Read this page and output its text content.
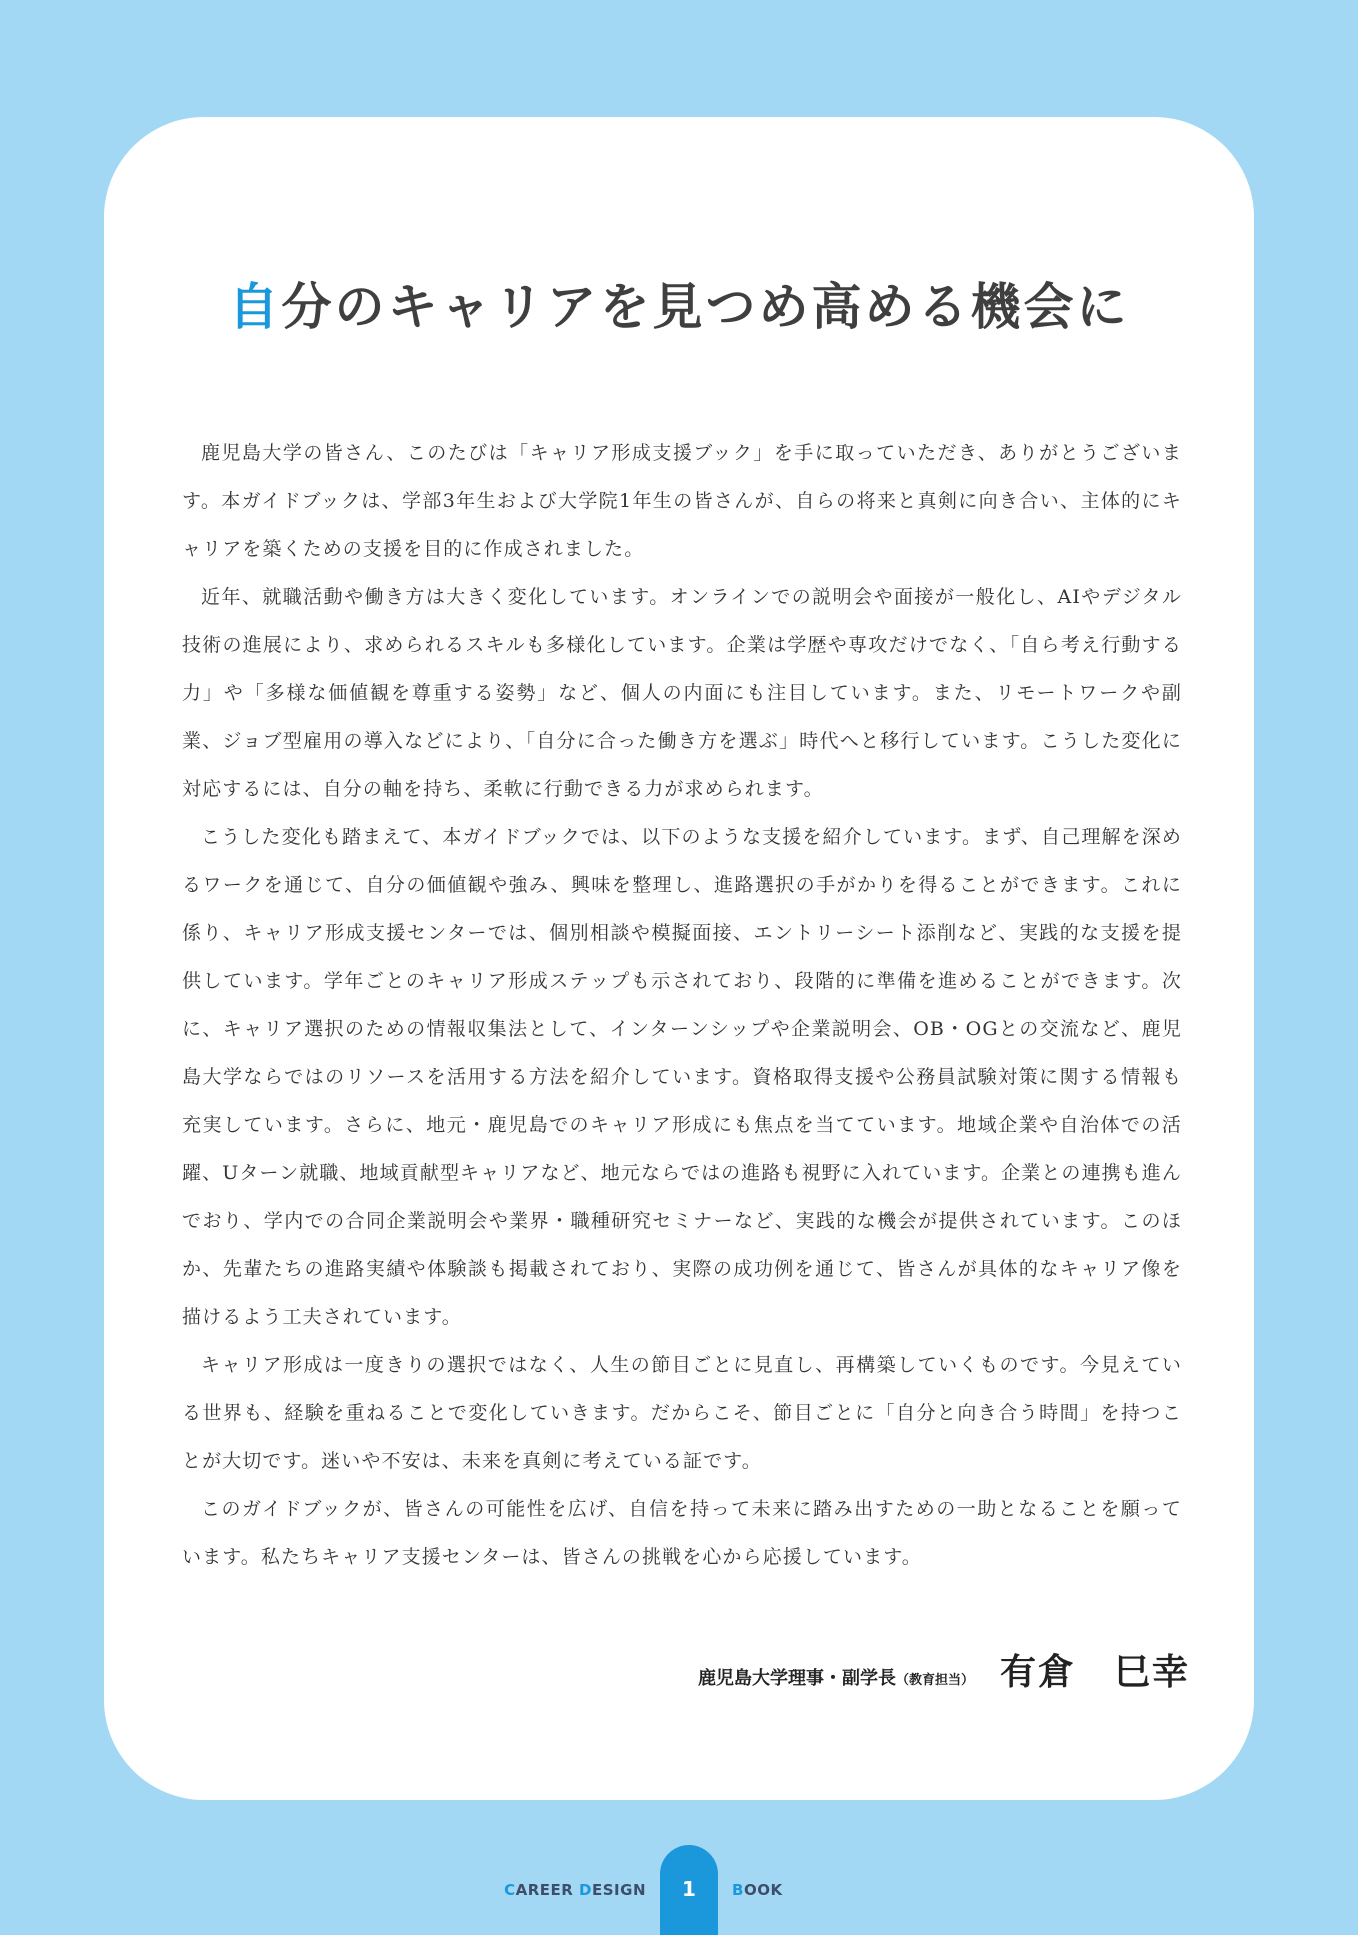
自分のキャリアを見つめ高める機会に

鹿児島大学の皆さん、このたびは「キャリア形成支援ブック」を手に取っていただき、ありがとうございます。本ガイドブックは、学部3年生および大学院1年生の皆さんが、自らの将来と真剣に向き合い、主体的にキャリアを築くための支援を目的に作成されました。

近年、就職活動や働き方は大きく変化しています。オンラインでの説明会や面接が一般化し、AIやデジタル技術の進展により、求められるスキルも多様化しています。企業は学歴や専攻だけでなく、「自ら考え行動する力」や「多様な価値観を尊重する姿勢」など、個人の内面にも注目しています。また、リモートワークや副業、ジョブ型雇用の導入などにより、「自分に合った働き方を選ぶ」時代へと移行しています。こうした変化に対応するには、自分の軸を持ち、柔軟に行動できる力が求められます。

こうした変化も踏まえて、本ガイドブックでは、以下のような支援を紹介しています。まず、自己理解を深めるワークを通じて、自分の価値観や強み、興味を整理し、進路選択の手がかりを得ることができます。これに係り、キャリア形成支援センターでは、個別相談や模擬面接、エントリーシート添削など、実践的な支援を提供しています。学年ごとのキャリア形成ステップも示されており、段階的に準備を進めることができます。次に、キャリア選択のための情報収集法として、インターンシップや企業説明会、OB・OGとの交流など、鹿児島大学ならではのリソースを活用する方法を紹介しています。資格取得支援や公務員試験対策に関する情報も充実しています。さらに、地元・鹿児島でのキャリア形成にも焦点を当てています。地域企業や自治体での活躍、Uターン就職、地域貢献型キャリアなど、地元ならではの進路も視野に入れています。企業との連携も進んでおり、学内での合同企業説明会や業界・職種研究セミナーなど、実践的な機会が提供されています。このほか、先輩たちの進路実績や体験談も掲載されており、実際の成功例を通じて、皆さんが具体的なキャリア像を描けるよう工夫されています。

キャリア形成は一度きりの選択ではなく、人生の節目ごとに見直し、再構築していくものです。今見えている世界も、経験を重ねることで変化していきます。だからこそ、節目ごとに「自分と向き合う時間」を持つことが大切です。迷いや不安は、未来を真剣に考えている証です。

このガイドブックが、皆さんの可能性を広げ、自信を持って未来に踏み出すための一助となることを願っています。私たちキャリア支援センターは、皆さんの挑戦を心から応援しています。

鹿児島大学理事・副学長 （教育担当） 有倉　巳幸
CAREER DESIGN	1	BOOK
